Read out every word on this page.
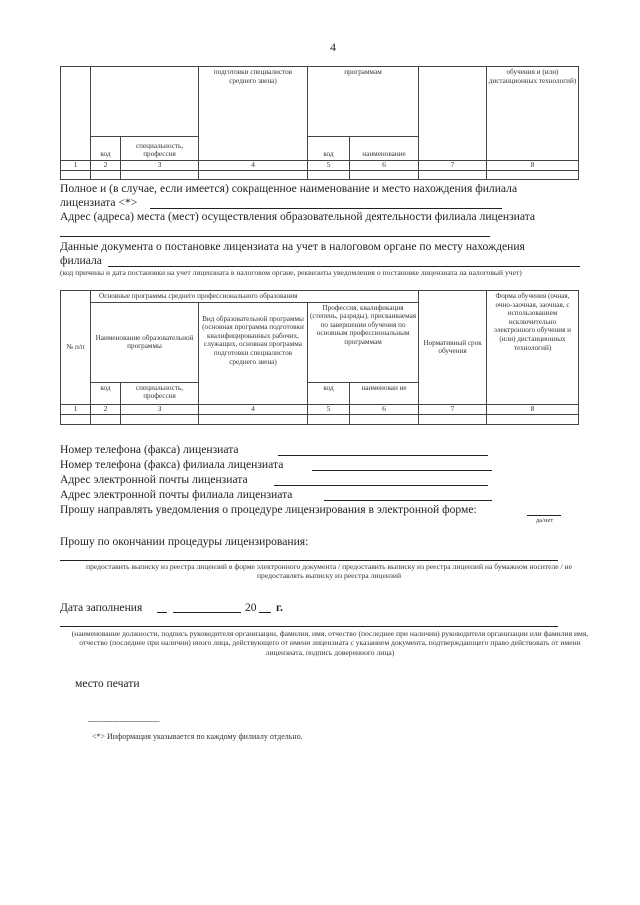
4
			подготовки специалистов среднего звена)	программам			обучения и (или) дистанционных технологий)
	код	специальность, профессия		код	наименование		
1	2	3	4	5	6	7	8

Полное и (в случае, если имеется) сокращенное наименование и место нахождения филиала
лицензиата <*>
Адрес (адреса) места (мест) осуществления образовательной деятельности филиала лицензиата
Данные документа о постановке лицензиата на учет в налоговом органе по месту нахождения
филиала
(код причины и дата постановки на учет лицензиата в налоговом органе, реквизиты уведомления о постановке лицензиата на налоговый учет)
№ п/п	Основные программы среднего профессионального образования					Нормативный срок обучения	Форма обучения (очная, очно-заочная, заочная, с использованием исключительно электронного обучения и (или) дистанционных технологий)
	Наименование образовательной программы		Вид образовательной программы (основная программа подготовки квалифицированных рабочих, служащих, основная программа подготовки специалистов среднего звена)	Профессия, квалификация (степень, разряды), присваиваемая по завершении обучения по основным профессиональным программам			
	код	специальность, профессия		код	наименован ие		
1	2	3	4	5	6	7	8

Номер телефона (факса) лицензиата
Номер телефона (факса) филиала лицензиата
Адрес электронной почты лицензиата
Адрес электронной почты филиала лицензиата
Прошу направлять уведомления о процедуре лицензирования в электронной форме:
да/нет
Прошу по окончании процедуры лицензирования:
предоставить выписку из реестра лицензий в форме электронного документа / предоставить выписку из реестра лицензий на бумажном носителе / не предоставлять выписку из реестра лицензий
Дата заполнения	20 г.
(наименование должности, подпись руководителя организации, фамилия, имя, отчество (последнее при наличии) руководителя организации или фамилия имя, отчество (последнее при наличии) иного лица, действующего от имени лицензиата с указанием документа, подтверждающего право действовать от имени лицензиата, подпись доверенного лица)
место печати
--------------------------------
<*> Информация указывается по каждому филиалу отдельно.
